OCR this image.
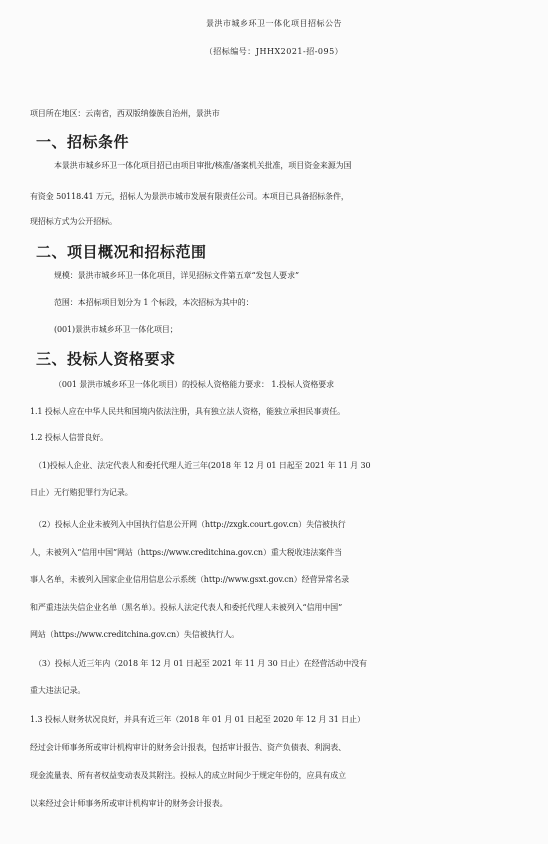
景洪市城乡环卫一体化项目招标公告
（招标编号：JHHX2021-招-095）
项目所在地区：云南省，西双版纳傣族自治州，景洪市
一、招标条件
本景洪市城乡环卫一体化项目招已由项目审批/核准/备案机关批准，项目资金来源为国
有资金 50118.41 万元，招标人为景洪市城市发展有限责任公司。本项目已具备招标条件，
现招标方式为公开招标。
二、项目概况和招标范围
规模：景洪市城乡环卫一体化项目，详见招标文件第五章“发包人要求”
范围：本招标项目划分为 1 个标段，本次招标为其中的：
(001)景洪市城乡环卫一体化项目；
三、投标人资格要求
（001 景洪市城乡环卫一体化项目）的投标人资格能力要求： 1.投标人资格要求
1.1 投标人应在中华人民共和国境内依法注册，具有独立法人资格，能独立承担民事责任。
1.2 投标人信誉良好。
（1)投标人企业、法定代表人和委托代理人近三年(2018 年 12 月 01 日起至 2021 年 11 月 30
日止）无行贿犯罪行为记录。
（2）投标人企业未被列入中国执行信息公开网（http://zxgk.court.gov.cn）失信被执行
人，未被列入“信用中国”网站（https://www.creditchina.gov.cn）重大税收违法案件当
事人名单，未被列入国家企业信用信息公示系统（http://www.gsxt.gov.cn）经营异常名录
和严重违法失信企业名单（黑名单）。投标人法定代表人和委托代理人未被列入“信用中国”
网站（https://www.creditchina.gov.cn）失信被执行人。
（3）投标人近三年内（2018 年 12 月 01 日起至 2021 年 11 月 30 日止）在经营活动中没有
重大违法记录。
1.3 投标人财务状况良好，并具有近三年（2018 年 01 月 01 日起至 2020 年 12 月 31 日止）
经过会计师事务所或审计机构审计的财务会计报表，包括审计报告、资产负债表、利润表、
现金流量表、所有者权益变动表及其附注。投标人的成立时间少于规定年份的，应具有成立
以来经过会计师事务所或审计机构审计的财务会计报表。
